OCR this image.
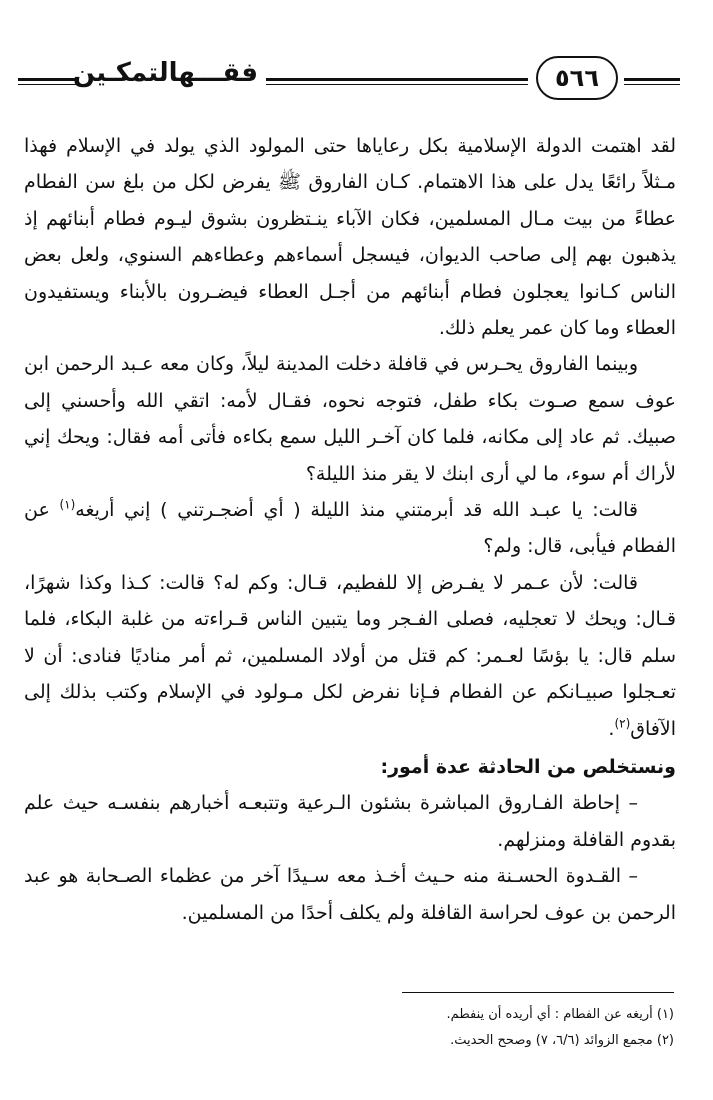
فقـــهالتمكـين	٥٦٦

لقد اهتمت الدولة الإسلامية بكل رعاياها حتى المولود الذي يولد في الإسلام فهذا مـثلاً رائعًا يدل على هذا الاهتمام. كـان الفاروق ﷺ يفرض لكل من بلغ سن الفطام عطاءً من بيت مـال المسلمين، فكان الآباء ينـتظرون بشوق ليـوم فطام أبنائهم إذ يذهبون بهم إلى صاحب الديوان، فيسجل أسماءهم وعطاءهم السنوي، ولعل بعض الناس كـانوا يعجلون فطام أبنائهم من أجـل العطاء فيضـرون بالأبناء ويستفيدون العطاء وما كان عمر يعلم ذلك.

وبينما الفاروق يحـرس في قافلة دخلت المدينة ليلاً، وكان معه عـبد الرحمن ابن عوف سمع صـوت بكاء طفل، فتوجه نحوه، فقـال لأمه: اتقي الله وأحسني إلى صبيك. ثم عاد إلى مكانه، فلما كان آخـر الليل سمع بكاءه فأتى أمه فقال: ويحك إني لأراك أم سوء، ما لي أرى ابنك لا يقر منذ الليلة؟

قالت: يا عبـد الله قد أبرمتني منذ الليلة ( أي أضجـرتني ) إني أريغه$^{(١)}$ عن الفطام فيأبى، قال: ولم؟

قالت: لأن عـمر لا يفـرض إلا للفطيم، قـال: وكم له؟ قالت: كـذا وكذا شهرًا، قـال: ويحك لا تعجليه، فصلى الفـجر وما يتبين الناس قـراءته من غلبة البكاء، فلما سلم قال: يا بؤسًا لعـمر: كم قتل من أولاد المسلمين، ثم أمر مناديًا فنادى: أن لا تعـجلوا صبيـانكم عن الفطام فـإنا نفرض لكل مـولود في الإسلام وكتب بذلك إلى الآفاق$^{(٢)}$.

ونستخلص من الحادثة عدة أمور:

– إحاطة الفـاروق المباشرة بشئون الـرعية وتتبعـه أخبارهم بنفسـه حيث علم بقدوم القافلة ومنزلهم.

– القـدوة الحسـنة منه حـيث أخـذ معه سـيدًا آخر من عظماء الصـحابة هو عبد الرحمن بن عوف لحراسة القافلة ولم يكلف أحدًا من المسلمين.

(١) أريغه عن الفطام : أي أريده أن ينفطم.
(٢) مجمع الزوائد (٦/٦، ٧) وصحح الحديث.
